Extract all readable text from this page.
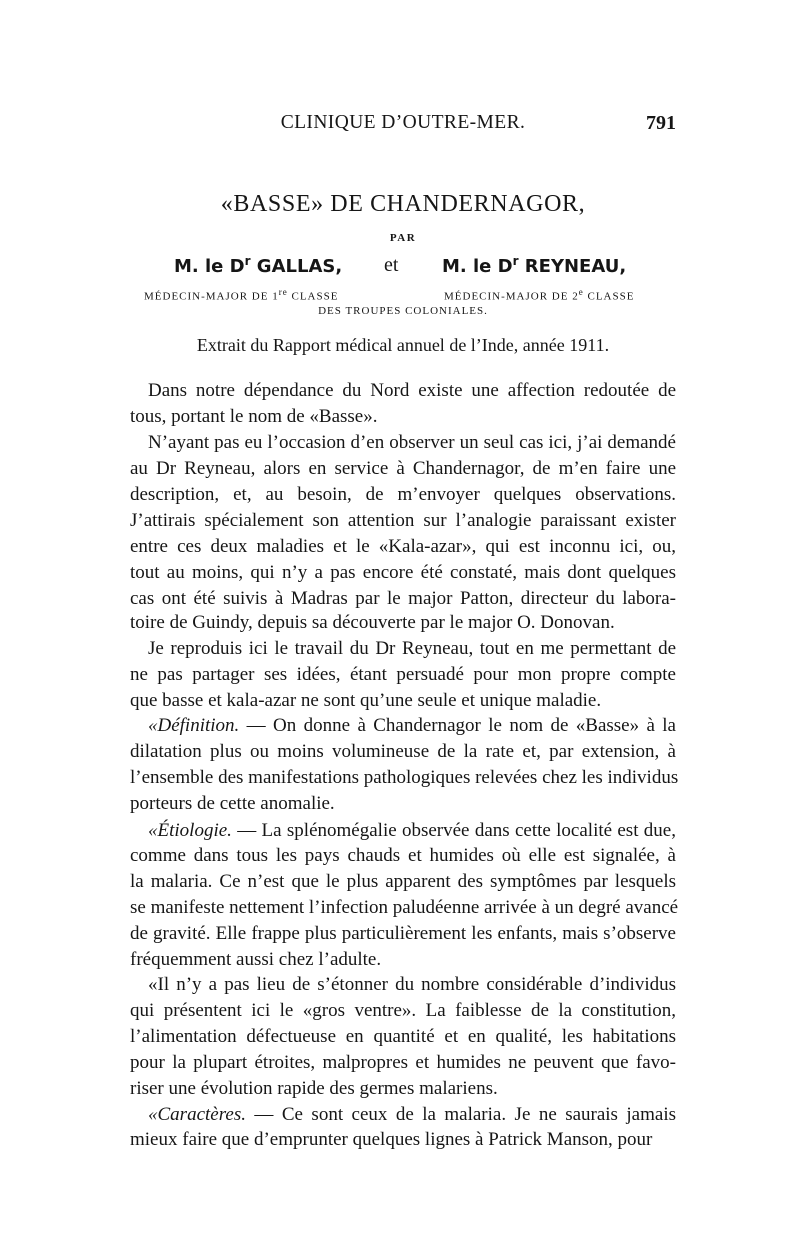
CLINIQUE D’OUTRE-MER.	791
«BASSE» DE CHANDERNAGOR,
PAR
M. le $D^r$ GALLAS, et M. le $D^r$ REYNEAU,
MÉDECIN-MAJOR DE 1re CLASSE	MÉDECIN-MAJOR DE 2e CLASSE
DES TROUPES COLONIALES.
Extrait du Rapport médical annuel de l’Inde, année 1911.
Dans notre dépendance du Nord existe une affection redoutée de
tous, portant le nom de «Basse».
N’ayant pas eu l’occasion d’en observer un seul cas ici, j’ai demandé
au Dr Reyneau, alors en service à Chandernagor, de m’en faire une
description, et, au besoin, de m’envoyer quelques observations.
J’attirais spécialement son attention sur l’analogie paraissant exister
entre ces deux maladies et le «Kala-azar», qui est inconnu ici, ou,
tout au moins, qui n’y a pas encore été constaté, mais dont quelques
cas ont été suivis à Madras par le major Patton, directeur du labora-
toire de Guindy, depuis sa découverte par le major O. Donovan.
Je reproduis ici le travail du Dr Reyneau, tout en me permettant de
ne pas partager ses idées, étant persuadé pour mon propre compte
que basse et kala-azar ne sont qu’une seule et unique maladie.
«Définition. — On donne à Chandernagor le nom de «Basse» à la
dilatation plus ou moins volumineuse de la rate et, par extension, à
l’ensemble des manifestations pathologiques relevées chez les individus
porteurs de cette anomalie.
«Étiologie. — La splénomégalie observée dans cette localité est due,
comme dans tous les pays chauds et humides où elle est signalée, à
la malaria. Ce n’est que le plus apparent des symptômes par lesquels
se manifeste nettement l’infection paludéenne arrivée à un degré avancé
de gravité. Elle frappe plus particulièrement les enfants, mais s’observe
fréquemment aussi chez l’adulte.
«Il n’y a pas lieu de s’étonner du nombre considérable d’individus
qui présentent ici le «gros ventre». La faiblesse de la constitution,
l’alimentation défectueuse en quantité et en qualité, les habitations
pour la plupart étroites, malpropres et humides ne peuvent que favo-
riser une évolution rapide des germes malariens.
«Caractères. — Ce sont ceux de la malaria. Je ne saurais jamais
mieux faire que d’emprunter quelques lignes à Patrick Manson, pour
